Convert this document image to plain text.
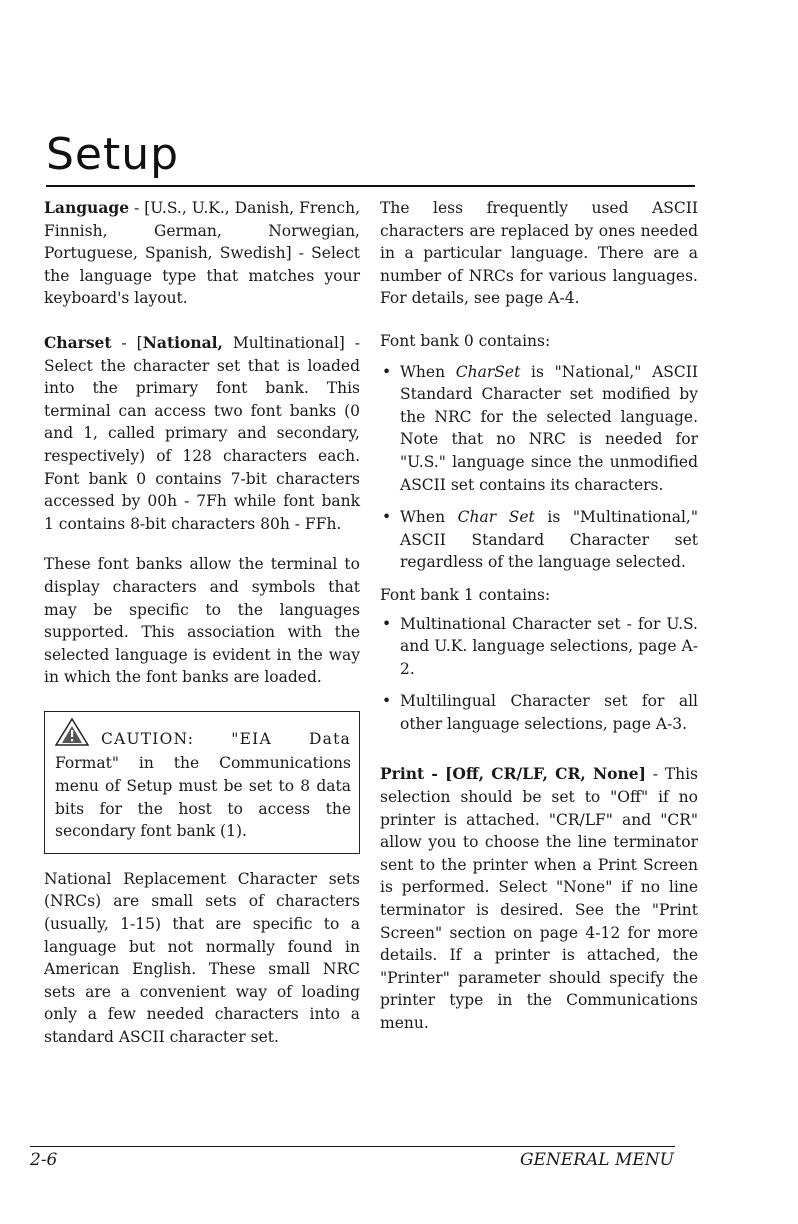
Setup

Language - [U.S., U.K., Danish, French, Finnish, German, Norwegian, Portuguese, Spanish, Swedish] - Select the language type that matches your keyboard's layout.

Charset - [National, Multinational] - Select the character set that is loaded into the primary font bank. This terminal can access two font banks (0 and 1, called primary and secondary, respectively) of 128 characters each. Font bank 0 contains 7-bit characters accessed by 00h - 7Fh while font bank 1 contains 8-bit characters 80h - FFh.

These font banks allow the terminal to display characters and symbols that may be specific to the languages supported. This association with the selected language is evident in the way in which the font banks are loaded.

CAUTION: "EIA Data Format" in the Communications menu of Setup must be set to 8 data bits for the host to access the secondary font bank (1).

National Replacement Character sets (NRCs) are small sets of characters (usually, 1-15) that are specific to a language but not normally found in American English. These small NRC sets are a convenient way of loading only a few needed characters into a standard ASCII character set.

The less frequently used ASCII characters are replaced by ones needed in a particular language. There are a number of NRCs for various languages. For details, see page A-4.

Font bank 0 contains:

• When CharSet is "National," ASCII Standard Character set modified by the NRC for the selected language. Note that no NRC is needed for "U.S." language since the unmodified ASCII set contains its characters.
• When Char Set is "Multinational," ASCII Standard Character set regardless of the language selected.

Font bank 1 contains:

• Multinational Character set - for U.S. and U.K. language selections, page A-2.
• Multilingual Character set for all other language selections, page A-3.

Print - [Off, CR/LF, CR, None] - This selection should be set to "Off" if no printer is attached. "CR/LF" and "CR" allow you to choose the line terminator sent to the printer when a Print Screen is performed. Select "None" if no line terminator is desired. See the "Print Screen" section on page 4-12 for more details. If a printer is attached, the "Printer" parameter should specify the printer type in the Communications menu.

2-6	GENERAL MENU
